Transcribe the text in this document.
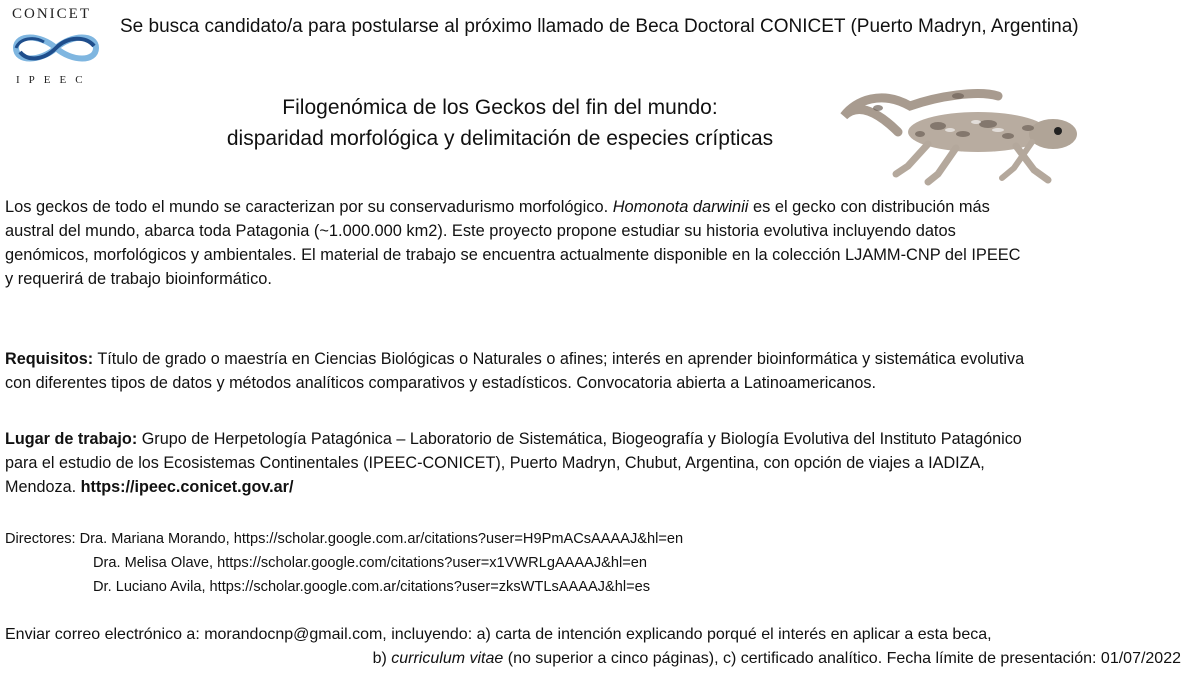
CONICET
IPEEC
Se busca candidato/a para postularse al próximo llamado de Beca Doctoral CONICET (Puerto Madryn, Argentina)
Filogenómica de los Geckos del fin del mundo:
disparidad morfológica y delimitación de especies crípticas
Los geckos de todo el mundo se caracterizan por su conservadurismo morfológico. Homonota darwinii es el gecko con distribución más
austral del mundo, abarca toda Patagonia (~1.000.000 km2). Este proyecto propone estudiar su historia evolutiva incluyendo datos
genómicos, morfológicos y ambientales. El material de trabajo se encuentra actualmente disponible en la colección LJAMM-CNP del IPEEC
y requerirá de trabajo bioinformático.
Requisitos: Título de grado o maestría en Ciencias Biológicas o Naturales o afines; interés en aprender bioinformática y sistemática evolutiva
con diferentes tipos de datos y métodos analíticos comparativos y estadísticos. Convocatoria abierta a Latinoamericanos.
Lugar de trabajo: Grupo de Herpetología Patagónica – Laboratorio de Sistemática, Biogeografía y Biología Evolutiva del Instituto Patagónico
para el estudio de los Ecosistemas Continentales (IPEEC-CONICET), Puerto Madryn, Chubut, Argentina, con opción de viajes a IADIZA,
Mendoza. https://ipeec.conicet.gov.ar/
Directores: Dra. Mariana Morando, https://scholar.google.com.ar/citations?user=H9PmACsAAAAJ&hl=en
Dra. Melisa Olave, https://scholar.google.com/citations?user=x1VWRLgAAAAJ&hl=en
Dr. Luciano Avila, https://scholar.google.com.ar/citations?user=zksWTLsAAAAJ&hl=es
Enviar correo electrónico a: morandocnp@gmail.com, incluyendo: a) carta de intención explicando porqué el interés en aplicar a esta beca,
b) curriculum vitae (no superior a cinco páginas), c) certificado analítico. Fecha límite de presentación: 01/07/2022
